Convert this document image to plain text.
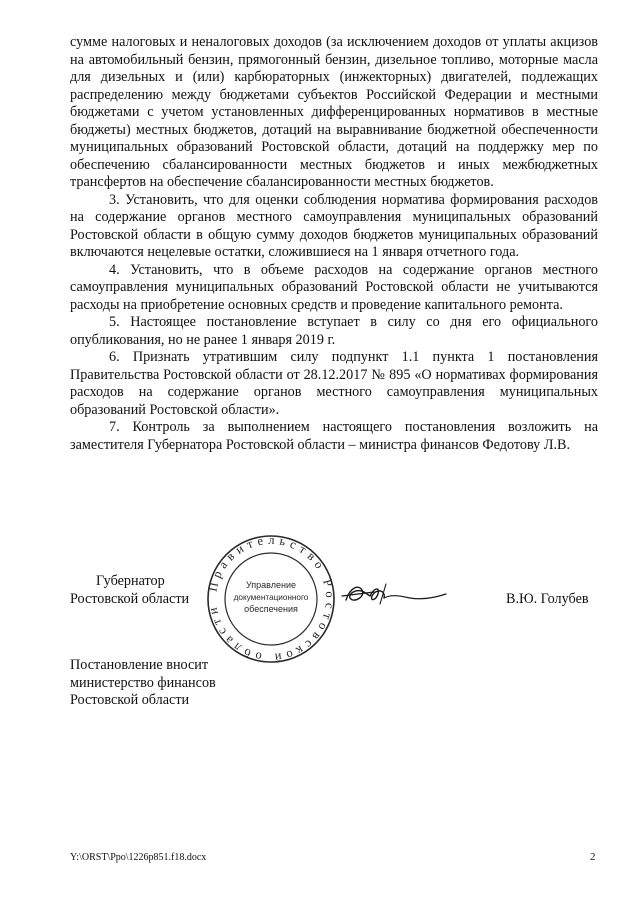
сумме налоговых и неналоговых доходов (за исключением доходов от уплаты акцизов на автомобильный бензин, прямогонный бензин, дизельное топливо, моторные масла для дизельных и (или) карбюраторных (инжекторных) двигателей, подлежащих распределению между бюджетами субъектов Российской Федерации и местными бюджетами с учетом установленных дифференцированных нормативов в местные бюджеты) местных бюджетов, дотаций на выравнивание бюджетной обеспеченности муниципальных образований Ростовской области, дотаций на поддержку мер по обеспечению сбалансированности местных бюджетов и иных межбюджетных трансфертов на обеспечение сбалансированности местных бюджетов.

3. Установить, что для оценки соблюдения норматива формирования расходов на содержание органов местного самоуправления муниципальных образований Ростовской области в общую сумму доходов бюджетов муниципальных образований включаются нецелевые остатки, сложившиеся на 1 января отчетного года.

4. Установить, что в объеме расходов на содержание органов местного самоуправления муниципальных образований Ростовской области не учитываются расходы на приобретение основных средств и проведение капитального ремонта.

5. Настоящее постановление вступает в силу со дня его официального опубликования, но не ранее 1 января 2019 г.

6. Признать утратившим силу подпункт 1.1 пункта 1 постановления Правительства Ростовской области от 28.12.2017 № 895 «О нормативах формирования расходов на содержание органов местного самоуправления муниципальных образований Ростовской области».

7. Контроль за выполнением настоящего постановления возложить на заместителя Губернатора Ростовской области – министра финансов Федотову Л.В.

Правительство Ростовской области
Управление
документационного
обеспечения
Губернатор
Ростовской области	В.Ю. Голубев
Постановление вносит
министерство финансов
Ростовской области
Y:\ORST\Ppo\1226p851.f18.docx	2
